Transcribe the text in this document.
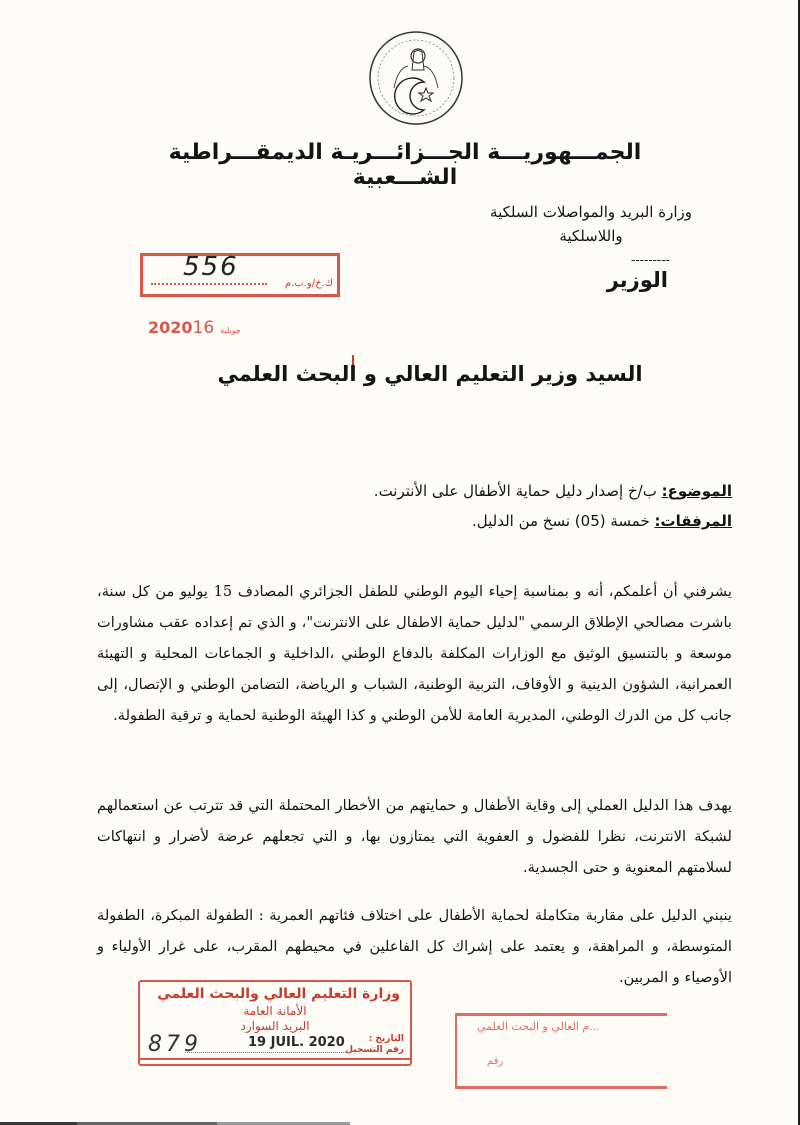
الجمـــهوريـــة الجـــزائـــريـة الديمقـــراطية الشـــعبية
وزارة البريد والمواصلات السلكية
واللاسلكية
---------
الوزير
556
ك.خ/و.ب.م
2020	جويلية16
السيد وزير التعليم العالي و البحث العلمي
الموضوع: ب/خ إصدار دليل حماية الأطفال على الأنترنت.
المرفقات: خمسة (05) نسخ من الدليل.
يشرفني أن أعلمكم، أنه و بمناسبة إحياء اليوم الوطني للطفل الجزائري المصادف 15 يوليو من كل سنة، باشرت مصالحي الإطلاق الرسمي "لدليل حماية الاطفال على الانترنت"، و الذي تم إعداده عقب مشاورات موسعة و بالتنسيق الوثيق مع الوزارات المكلفة بالدفاع الوطني ،الداخلية و الجماعات المحلية و التهيئة العمرانية، الشؤون الدينية و الأوقاف، التربية الوطنية، الشباب و الرياضة، التضامن الوطني و الإتصال، إلى جانب كل من الدرك الوطني، المديرية العامة للأمن الوطني و كذا الهيئة الوطنية لحماية و ترقية الطفولة.
يهدف هذا الدليل العملي إلى وقاية الأطفال و حمايتهم من الأخطار المحتملة التي قد تترتب عن استعمالهم لشبكة الانترنت، نظرا للفضول و العفوية التي يمتازون بها، و التي تجعلهم عرضة لأضرار و انتهاكات لسلامتهم المعنوية و حتى الجسدية.
ينبني الدليل على مقاربة متكاملة لحماية الأطفال على اختلاف فئاتهم العمرية : الطفولة المبكرة، الطفولة المتوسطة، و المراهقة، و يعتمد على إشراك كل الفاعلين في محيطهم المقرب، على غرار الأولياء و الأوصياء و المربين.
وزارة التعليم العالي والبحث العلمي
الأمانة العامة
البريد السوارد
التاريخ :
رقم التسجيل
19 JUIL. 2020
879
...م العالي و البحث العلمي
رقم
